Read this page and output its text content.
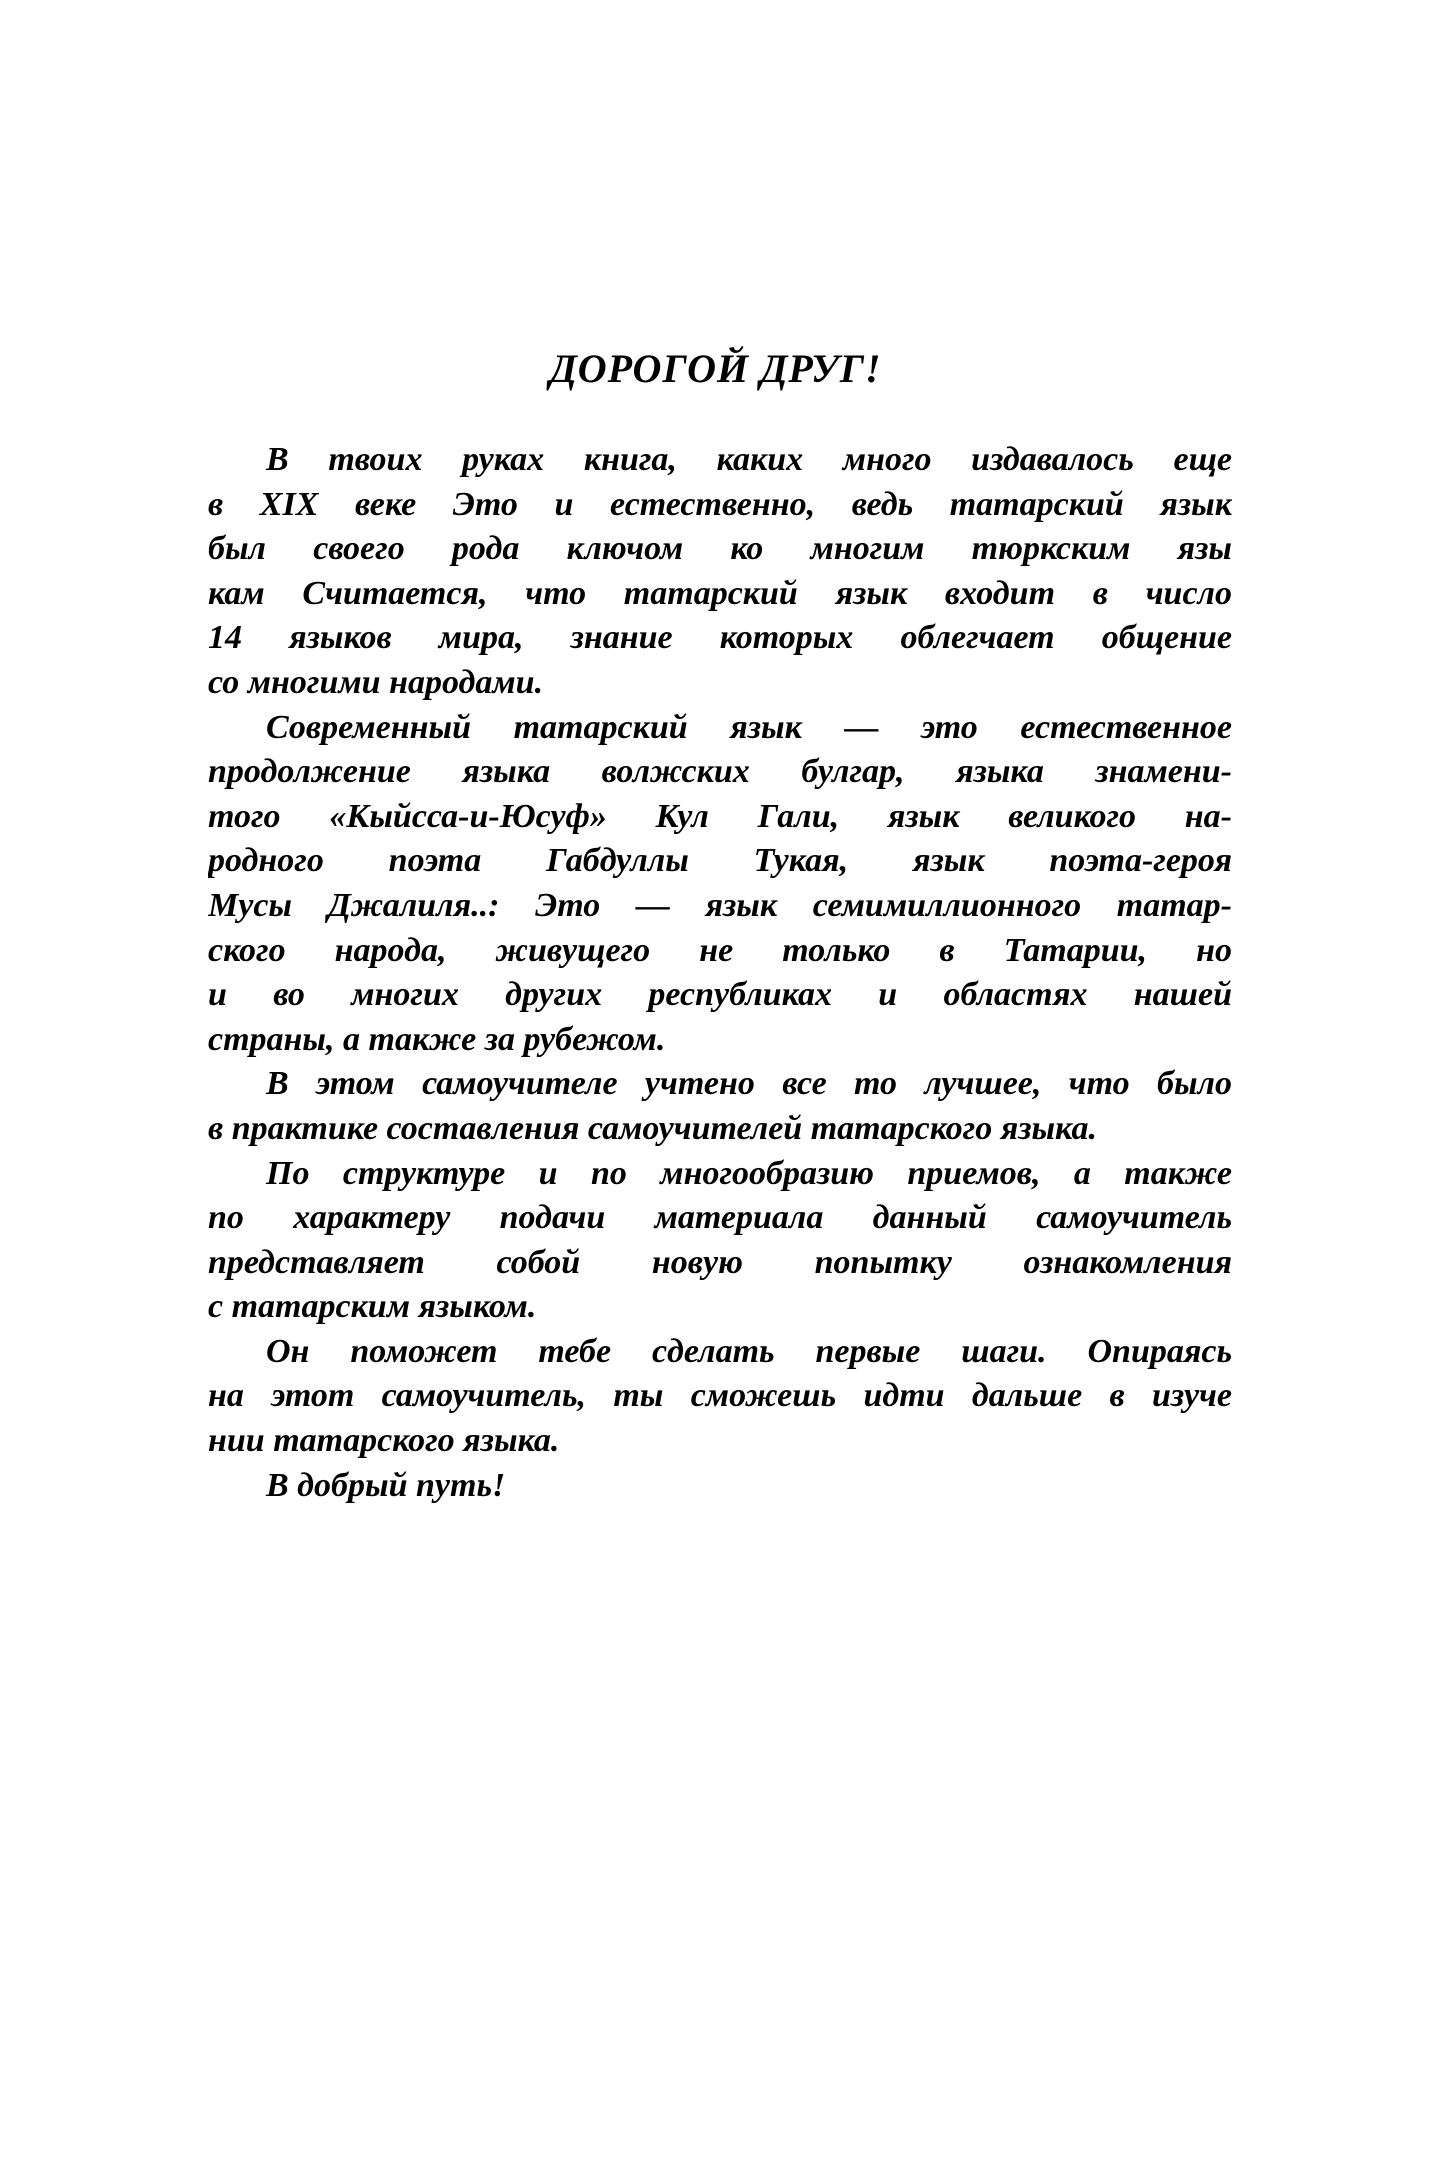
ДОРОГОЙ ДРУГ!
В твоих руках книга, каких много издавалось еще
в XIX веке Это и естественно, ведь татарский язык
был своего рода ключом ко многим тюркским язы
кам Считается, что татарский язык входит в число
14 языков мира, знание которых облегчает общение
со многими народами.
Современный татарский язык — это естественное
продолжение языка волжских булгар, языка знамени-
того «Кыйсса-и-Юсуф» Кул Гали, язык великого на-
родного поэта Габдуллы Тукая, язык поэта-героя
Мусы Джалиля..: Это — язык семимиллионного татар-
ского народа, живущего не только в Татарии, но
и во многих других республиках и областях нашей
страны, а также за рубежом.
В этом самоучителе учтено все то лучшее, что было
в практике составления самоучителей татарского языка.
По структуре и по многообразию приемов, а также
по характеру подачи материала данный самоучитель
представляет собой новую попытку ознакомления
с татарским языком.
Он поможет тебе сделать первые шаги. Опираясь
на этот самоучитель, ты сможешь идти дальше в изуче
нии татарского языка.
В добрый путь!
